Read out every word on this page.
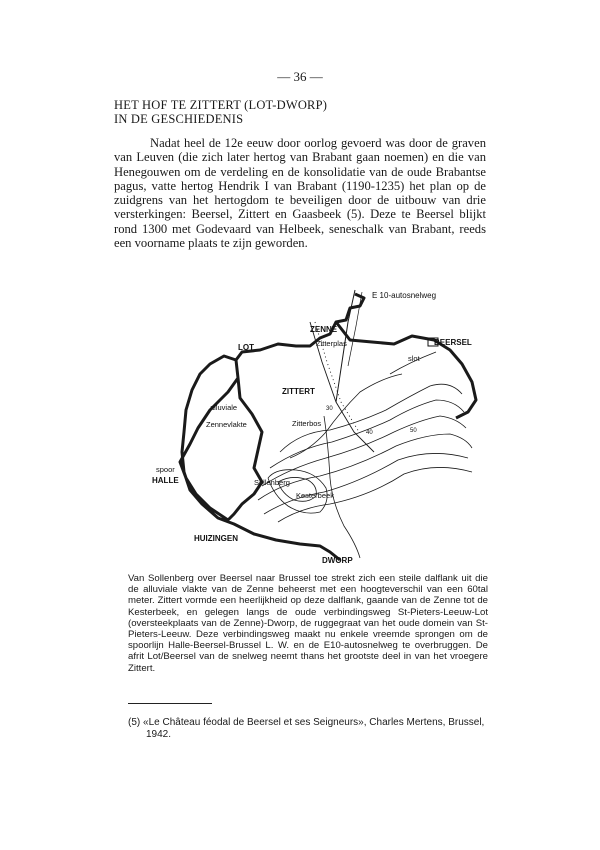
— 36 —
HET HOF TE ZITTERT (LOT-DWORP)
IN DE GESCHIEDENIS

Nadat heel de 12e eeuw door oorlog gevoerd was door de graven van Leuven (die zich later hertog van Brabant gaan noemen) en die van Henegouwen om de verdeling en de konsolidatie van de oude Brabantse pagus, vatte hertog Hendrik I van Brabant (1190-1235) het plan op de zuidgrens van het hertogdom te beveiligen door de uitbouw van drie versterkingen: Beersel, Zittert en Gaasbeek (5). Deze te Beersel blijkt rond 1300 met Godevaard van Helbeek, seneschalk van Brabant, reeds een voorname plaats te zijn geworden.

30
40	50
E 10-autosnelweg
ZENNE
LOT	Zitterplas	BEERSEL
slot
ZITTERT
alluviale
Zennevlakte	Zitterbos
spoor
HALLE	Sollenberg
Kesterbeek
HUIZINGEN
DWORP

Van Sollenberg over Beersel naar Brussel toe strekt zich een steile dalflank uit die de alluviale vlakte van de Zenne beheerst met een hoogteverschil van een 60tal meter. Zittert vormde een heerlijkheid op deze dalflank, gaande van de Zenne tot de Kesterbeek, en gelegen langs de oude verbindingsweg St-Pieters-Leeuw-Lot (oversteekplaats van de Zenne)-Dworp, de ruggegraat van het oude domein van St-Pieters-Leeuw. Deze verbindingsweg maakt nu enkele vreemde sprongen om de spoorlijn Halle-Beersel-Brussel L. W. en de E10-autosnelweg te overbruggen. De afrit Lot/Beersel van de snelweg neemt thans het grootste deel in van het vroegere Zittert.

(5) «Le Château féodal de Beersel et ses Seigneurs», Charles Mertens, Brussel,
1942.
